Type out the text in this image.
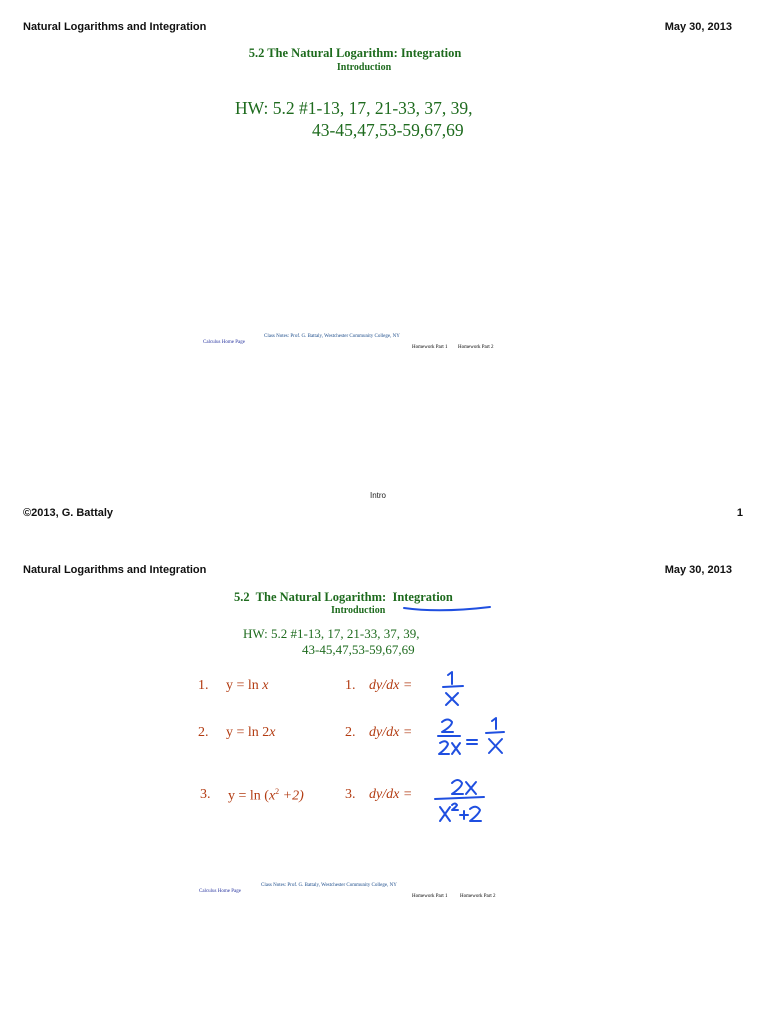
Natural Logarithms and Integration	May 30, 2013
5.2 The Natural Logarithm: Integration
Introduction
HW: 5.2 #1-13, 17, 21-33, 37, 39,
43-45,47,53-59,67,69
Class Notes: Prof. G. Battaly, Westchester Community College, NY
Calculus Home Page
Homework Part 1 Homework Part 2
Intro
©2013, G. Battaly	1
Natural Logarithms and Integration	May 30, 2013
5.2  The Natural Logarithm:  Integration
Introduction
HW: 5.2 #1-13, 17, 21-33, 37, 39,
43-45,47,53-59,67,69
1. y = ln x	1. dy/dx =
2. y = ln 2x	2. dy/dx =
3. $y = \ln (x^2 +2)$	3. dy/dx =
Class Notes: Prof. G. Battaly, Westchester Community College, NY
Calculus Home Page
Homework Part 1 Homework Part 2
